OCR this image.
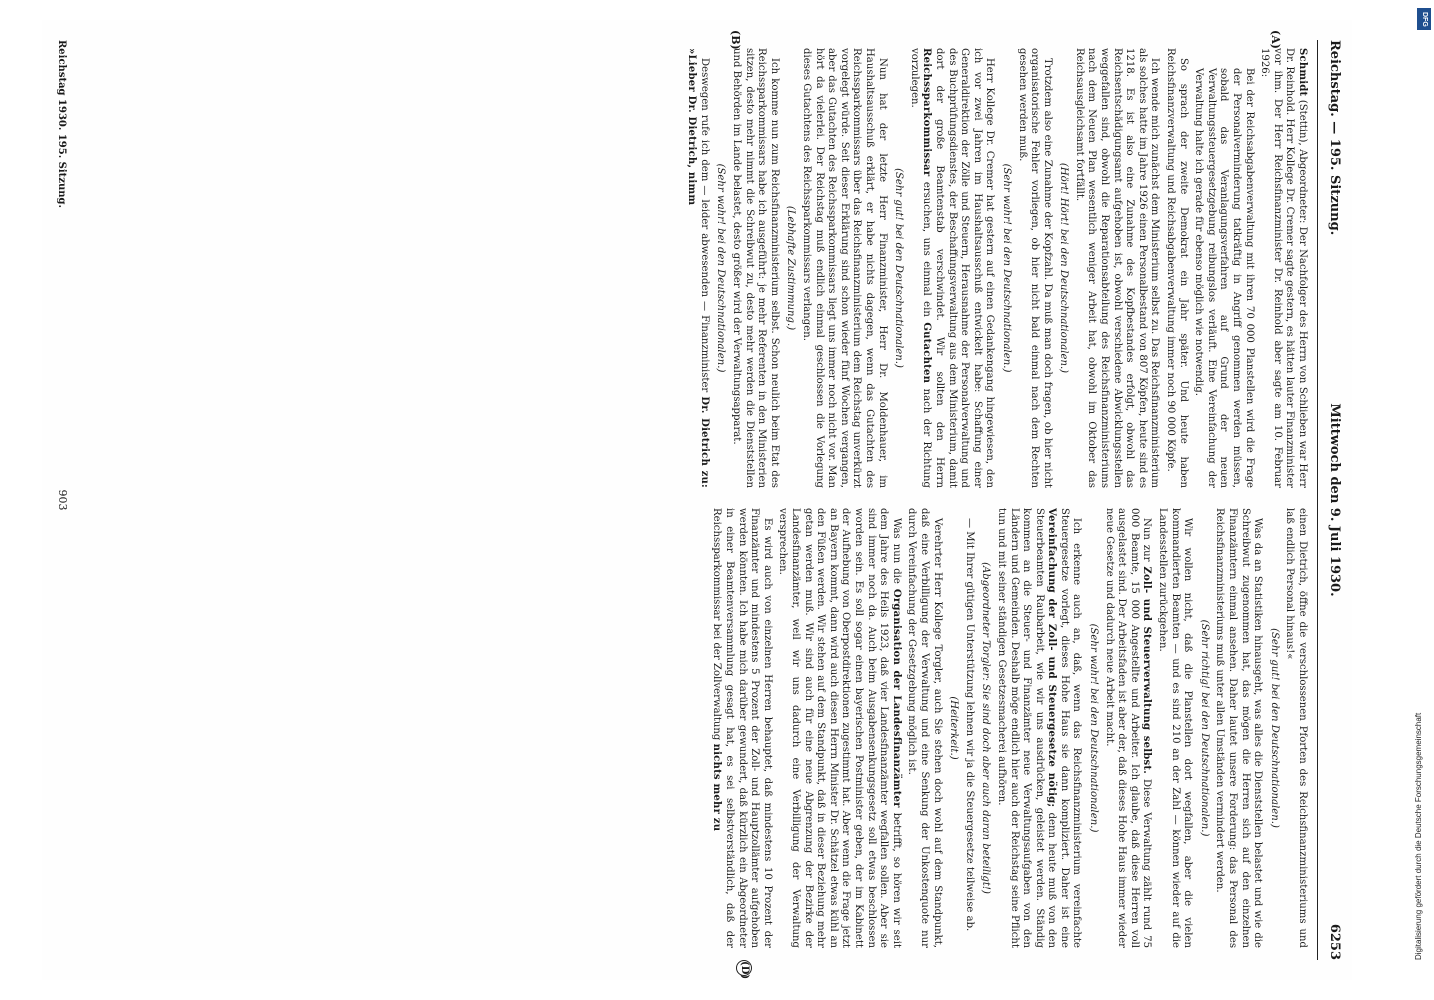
Reichstag. — 195. Sitzung.
Mittwoch den 9. Juli 1930.
6253
(A)
(B)
(D)

Schmidt (Stettin), Abgeordneter: Der Nachfolger des Herrn von Schlieben war Herr Dr. Reinhold. Herr Kollege Dr. Cremer sagte gestern, es hätten lauter Finanzminister vor ihm. Der Herr Reichsfinanzminister Dr. Reinhold aber sagte am 10. Februar 1926:

Bei der Reichsabgabenverwaltung mit ihren 70 000 Planstellen wird die Frage der Personalverminderung tatkräftig in Angriff genommen werden müssen, sobald das Veranlagungsverfahren auf Grund der neuen Verwaltungssteuergesetzgebung reibungslos verläuft. Eine Vereinfachung der Verwaltung halte ich gerade für ebenso möglich wie notwendig.

So sprach der zweite Demokrat ein Jahr später. Und heute haben Reichsfinanzverwaltung und Reichsabgabenverwaltung immer noch 90 000 Köpfe.

Ich wende mich zunächst dem Ministerium selbst zu. Das Reichsfinanzministerium als solches hatte im Jahre 1926 einen Personalbestand von 807 Köpfen, heute sind es 1218. Es ist also eine Zunahme des Kopfbestandes erfolgt, obwohl das Reichsentschädigungsamt aufgehoben ist, obwohl verschiedene Abwicklungsstellen weggefallen sind, obwohl die Reparationsabteilung des Reichsfinanzministeriums nach dem Neuen Plan wesentlich weniger Arbeit hat, obwohl im Oktober das Reichsausgleichsamt fortfällt.

(Hört! Hört! bei den Deutschnationalen.)

Trotzdem also eine Zunahme der Kopfzahl. Da muß man doch fragen, ob hier nicht organisatorische Fehler vorliegen, ob hier nicht bald einmal nach dem Rechten gesehen werden muß.

(Sehr wahr! bei den Deutschnationalen.)

Herr Kollege Dr. Cremer hat gestern auf einen Gedankengang hingewiesen, den ich vor zwei Jahren im Haushaltsausschuß entwickelt habe: Schaffung einer Generaldirektion der Zölle und Steuern, Herausnahme der Personalverwaltung und des Buchprüfungsdienstes, der Beschaffungsverwaltung aus dem Ministerium, damit dort der große Beamtenstab verschwindet. Wir sollten den Herrn Reichssparkommissar ersuchen, uns einmal ein Gutachten nach der Richtung vorzulegen.

(Sehr gut! bei den Deutschnationalen.)

Nun hat der letzte Herr Finanzminister, Herr Dr. Moldenhauer, im Haushaltsausschuß erklärt, er habe nichts dagegen, wenn das Gutachten des Reichssparkommissars über das Reichsfinanzministerium dem Reichstag unverkürzt vorgelegt würde. Seit dieser Erklärung sind schon wieder fünf Wochen vergangen, aber das Gutachten des Reichssparkommissars liegt uns immer noch nicht vor. Man hört da vielerlei. Der Reichstag muß endlich einmal geschlossen die Vorlegung dieses Gutachtens des Reichssparkommissars verlangen.

(Lebhafte Zustimmung.)

Ich komme nun zum Reichsfinanzministerium selbst. Schon neulich beim Etat des Reichssparkommissars habe ich ausgeführt: je mehr Referenten in den Ministerien sitzen, desto mehr nimmt die Schreibwut zu, desto mehr werden die Dienststellen und Behörden im Lande belastet, desto größer wird der Verwaltungsapparat.

(Sehr wahr! bei den Deutschnationalen.)

Deswegen rufe ich dem — leider abwesenden — Finanzminister Dr. Dietrich zu: »Lieber Dr. Dietrich, nimm

einen Dietrich, öffne die verschlossenen Pforten des Reichsfinanzministeriums und laß endlich Personal hinaus!«

(Sehr gut! bei den Deutschnationalen.)

Was da an Statistiken hinausgeht, was alles die Dienststellen belastet und wie die Schreibwut zugenommen hat, das mögen die Herren sich auf den einzelnen Finanzämtern einmal ansehen. Daher lautet unsere Forderung: das Personal des Reichsfinanzministeriums muß unter allen Umständen vermindert werden.

(Sehr richtig! bei den Deutschnationalen.)

Wir wollen nicht, daß die Planstellen dort wegfallen, aber die vielen kommandierten Beamten — und es sind 210 an der Zahl — können wieder auf die Landesstellen zurückgehen.

Nun zur Zoll- und Steuerverwaltung selbst. Diese Verwaltung zählt rund 75 000 Beamte, 15 000 Angestellte und Arbeiter. Ich glaube, daß diese Herren voll ausgelastet sind. Der Arbeitsfaden ist aber der, daß dieses Hohe Haus immer wieder neue Gesetze und dadurch neue Arbeit macht.

(Sehr wahr! bei den Deutschnationalen.)

Ich erkenne auch an, daß, wenn das Reichsfinanzministerium vereinfachte Steuergesetze vorlegt, dieses Hohe Haus sie dann kompliziert. Daher ist eine Vereinfachung der Zoll- und Steuergesetze nötig; denn heute muß von den Steuerbeamten Raubarbeit, wie wir uns ausdrücken, geleistet werden. Ständig kommen an die Steuer- und Finanzämter neue Verwaltungsaufgaben von den Ländern und Gemeinden. Deshalb möge endlich hier auch der Reichstag seine Pflicht tun und mit seiner ständigen Gesetzesmacherei aufhören.

(Abgeordneter Torgler: Sie sind doch aber auch daran beteiligt!)

— Mit Ihrer gütigen Unterstützung lehnen wir ja die Steuergesetze teilweise ab.

(Heiterkeit.)

Verehrter Herr Kollege Torgler, auch Sie stehen doch wohl auf dem Standpunkt, daß eine Verbilligung der Verwaltung und eine Senkung der Unkostenquote nur durch Vereinfachung der Gesetzgebung möglich ist.

Was nun die Organisation der Landesfinanzämter betrifft, so hören wir seit dem Jahre des Heils 1923, daß vier Landesfinanzämter wegfallen sollen. Aber sie sind immer noch da. Auch beim Ausgabensenkungsgesetz soll etwas beschlossen worden sein. Es soll sogar einen bayerischen Postminister geben, der im Kabinett der Aufhebung von Oberpostdirektionen zugestimmt hat. Aber wenn die Frage jetzt an Bayern kommt, dann wird auch diesen Herrn Minister Dr. Schätzel etwas kühl an den Füßen werden. Wir stehen auf dem Standpunkt, daß in dieser Beziehung mehr getan werden muß. Wir sind auch für eine neue Abgrenzung der Bezirke der Landesfinanzämter, weil wir uns dadurch eine Verbilligung der Verwaltung versprechen.

Es wird auch von einzelnen Herren behauptet, daß mindestens 10 Prozent der Finanzämter und mindestens 5 Prozent der Zoll- und Hauptzollämter aufgehoben werden könnten. Ich habe mich darüber gewundert, daß kürzlich ein Abgeordneter in einer Beamtenversammlung gesagt hat, es sei selbstverständlich, daß der Reichssparkommissar bei der Zollverwaltung nichts mehr zu

Reichstag 1930. 195. Sitzung.
903
DFG
Digitalisierung gefördert durch die Deutsche Forschungsgemeinschaft
